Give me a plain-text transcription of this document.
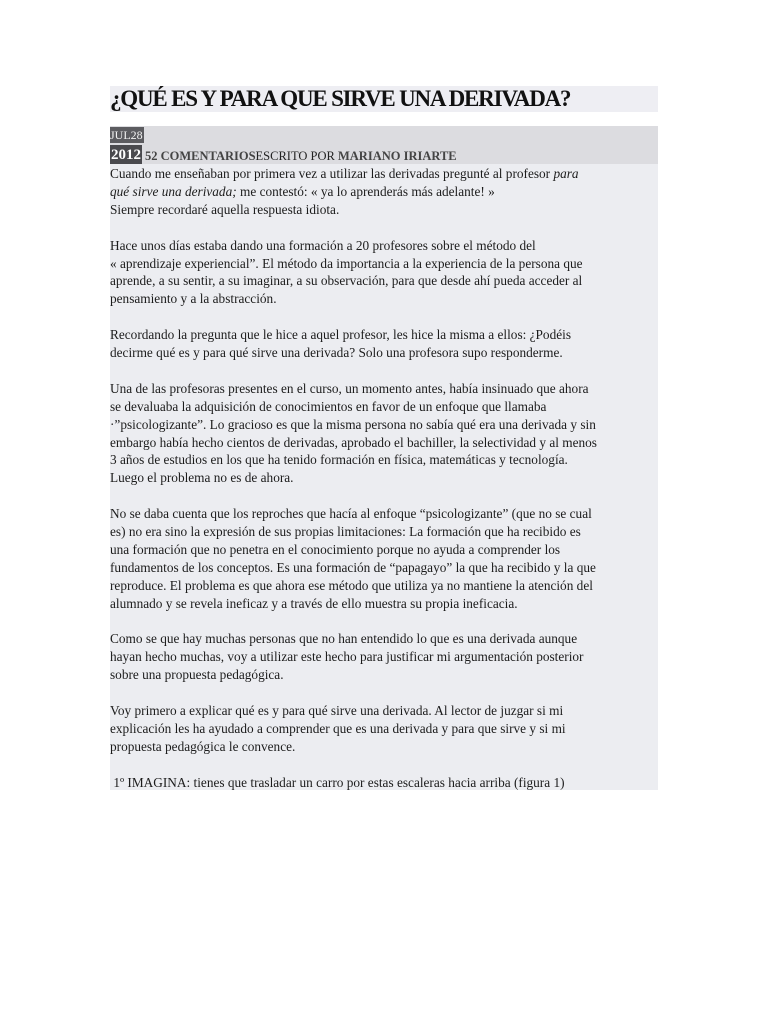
¿QUÉ ES Y PARA QUE SIRVE UNA DERIVADA?
JUL28
2012 52 COMENTARIOSESCRITO POR MARIANO IRIARTE

Cuando me enseñaban por primera vez a utilizar las derivadas pregunté al profesor para
qué sirve una derivada; me contestó: « ya lo aprenderás más adelante! »
Siempre recordaré aquella respuesta idiota.

Hace unos días estaba dando una formación a 20 profesores sobre el método del
« aprendizaje experiencial”. El método da importancia a la experiencia de la persona que
aprende, a su sentir, a su imaginar, a su observación, para que desde ahí pueda acceder al
pensamiento y a la abstracción.

Recordando la pregunta que le hice a aquel profesor, les hice la misma a ellos: ¿Podéis
decirme qué es y para qué sirve una derivada? Solo una profesora supo responderme.

Una de las profesoras presentes en el curso, un momento antes, había insinuado que ahora
se devaluaba la adquisición de conocimientos en favor de un enfoque que llamaba
·”psicologizante”. Lo gracioso es que la misma persona no sabía qué era una derivada y sin
embargo había hecho cientos de derivadas, aprobado el bachiller, la selectividad y al menos
3 años de estudios en los que ha tenido formación en física, matemáticas y tecnología.
Luego el problema no es de ahora.

No se daba cuenta que los reproches que hacía al enfoque “psicologizante” (que no se cual
es) no era sino la expresión de sus propias limitaciones: La formación que ha recibido es
una formación que no penetra en el conocimiento porque no ayuda a comprender los
fundamentos de los conceptos. Es una formación de “papagayo” la que ha recibido y la que
reproduce. El problema es que ahora ese método que utiliza ya no mantiene la atención del
alumnado y se revela ineficaz y a través de ello muestra su propia ineficacia.

Como se que hay muchas personas que no han entendido lo que es una derivada aunque
hayan hecho muchas, voy a utilizar este hecho para justificar mi argumentación posterior
sobre una propuesta pedagógica.

Voy primero a explicar qué es y para qué sirve una derivada. Al lector de juzgar si mi
explicación les ha ayudado a comprender que es una derivada y para que sirve y si mi
propuesta pedagógica le convence.

1º IMAGINA: tienes que trasladar un carro por estas escaleras hacia arriba (figura 1)
